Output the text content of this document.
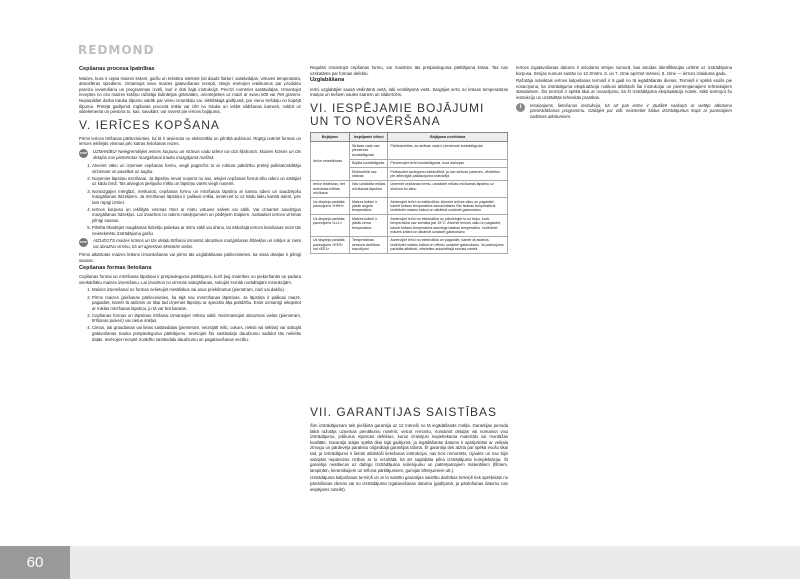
REDMOND
Cepšanas procesa īpatnības

Maizes, kura ir cepta maizes krāsnī, garšu un tekstūru ietekmē ļoti daudz faktori: sastāvdaļas, virtuves temperatūra, atmosfēras spiediens. Izmantojot savu maizes gatavošanas recepti, stingri ievērojiet ieteikumus par produktu pareizu ievietošanu un programmas izvēli, kuri ir doti šajā instrukcijā. Precīzi nomēriet sastāvdaļas. Izmantojot receptes no citu maizes krāšņu ražotāju kulinārijas grāmatām, orientējieties uz maizi ar svaru 500 vai 750 grammi. Nepiepildiet darba trauka tilpumu vairāk par vienu ceturtdaļu vai, slēkšākajā gadījumā, par vienu trešdaļu no kopējā tilpuma. Pretējā gadījumā rūgšanas procesā mīkla var izlīt no trauka un iekļūt sildīšanas kamerā, nokļūt uz sildelementa un piesūrot to, kas, savukārt, var novest pie ierīces bojājuma.

V. IERĪCES KOPŠANA

Pirms ierīces tīrīšanas pārliecinieties, ka tā ir atvienota no elektrotīkla un pilnībā atdzisusi. Rūpīgi notīriet formas un ierīces iekšējās virsmas pēc katras lietošanas reizes.

STOP UZMANĪBU! Neiegremdējiet ierīces korpusu un strāvas vadu ūdenī vai citā šķidrumā. Maizes krāsns un tās detaļas nav piemērotas mazgāšanai trauku mazgājamā mašīnā.
1. Atveriet vāku un izņemiet cepšanas formu, viegli pagriežot to ar roktura palīdzību pretēji pulksteņrādītāju virzienam un pavelkot uz augšu.
2. Noņemiet lāpstiņu mīcīšanai. Ja lāpstiņu nevar noņemt no ass, ielejiet cepšanas formā siltu ūdeni un atstājiet uz kādu brīdi. Tas atvieglos pielipušo mīklu un lāpstiņu varēs viegli noņemt.
3. Nomazgājiet mērglāzi, mērkaroti, cepšanas formu un mīcīšanas lāpstiņu ar karstu ūdeni un saudzējošu mazgāšanas līdzekļiem. Ja mīcīšanas lāpstiņa ir palikusi mīkla, iemērciet to uz kādu laiku karstā ūdenī, pēc tam rūpīgi iztīriet.
4. Ierīces korpusu un iekšējās virsmas tīriet ar mitru virtuves salveti vai sūkli. Var izmantot saudzīgus mazgāšanas līdzekļus. Lai izvairītos no ūdens noteiļojumiem un pēdējiem traipiem, noslaukiet ierīces virsmas pilnīgi sausas.
5. Pilnībā tīkvidējiet magdāmas līdzekļu paliekas ar mitru sūkli vai drānu, lai nākošajā ierīces lietošanas reizē tās neietekmētu izstrādājuma garšu.
STOP AIZLIEGTS maizes krāsns un tās detaļu tīrīšanai izmantot abrazīvus mazgāšanas līdzekļus un sūkļus ar cietu vai abrazīvu virsmu, kā arī agresīvas ķīmiskās vielas.

Pirms atkārtotas maizes krāsns izmantošanas vai pirms tās uzglabāšanas pārliecinieties, ka visas detaļas ir pilnīgi sausas.

Cepšanas formas lietošana

Cepšanas formai un mīcīšanas lāpstiņai ir pretpiedeguma pārklājums, kurš ļauj izvairīties no pieķeršanās un padara vienkāršāku maizes izņemšanu. Lai izvairītos no virsmas sabojāšanas, sekojiet zemāk norādītajām instrukcijām.

1. Maizes izņemšanai no formas nelietojiet metāliskus vai asus priekšmetus (piemēram, nazi vai dakšu).
2. Pirms maizes griešanas pārliecinieties, ka tajā nav mmīcīšanas lāpstiņas. Ja lāpstiņa ir palikusi maizē, pagaidiet, kamēr tā atdzisīs un tikai tad izņemiet lāpstiņu ar speciālo āķa palīdzību. Esiet uzmanīgi iekūpstot ar miklas mīcīšanas lāpstiņu, jo tā var būt karstas.
3. Cepšanas formas un lāpstiņas tīrīšanai izmantojiet mīkstu sūkli. Neizmantojiet abrazīvas vielas (piemēram, tīrīšanas pulveri) vai cietus sūkļus.
4. Cietus, ļoti graudainas vai lielas sastāvdaļas (piemēram, neizsijātī milti, cukurs, rieksti vai sēklas) var sabojāt gatavošanas trauka pretpiedeguma pārklājumu. Ievērojiet šīs sastāvdaļu daudzumu sadalot tās nelielās daļās. Ievērojiet receptē norādīto sastāvdaļu daudzumu un pagatavošanas secību.

Regulāri izmantojot cepšanas formu, var mainīties tās pretpiedeguma pārklājuma krāsa. Tas nav uzskatāms par formas defektu.

Uzglabāšana

Ierīci uzglabājiet sausā vēdināmā vietā, labi ventilējamā vietā. Sargājiet ierīci no krasas temperatūras maiņas un tiešiem saules stariem un sildierīcēm.

VI. IESPĒJAMIE BOJĀJUMI UN TO NOVĒRŠANA
Bojājums	Iespējamie cēloņi	Bojājuma novēršana
Ierīce neieslēdzas	Strāvas vads nav pievienots kontaktligzdai	Pārliecinieties, ka strāvas vads ir pievienots kontaktligzdai
	Bojāta kontaktligzda	Pievienojiet ierīci kontaktligzdai, kura darbojas
	Elektrotīklā nav strāvas	Parbaudiet spriegumu elektrotīklā, ja nav strāvas padeves, vērsieties pie attiecīgās pakalpojuma sniedzēja
Ierīce ieslēdzas, bet neizdotas mīklas mīcīšana	Nav uzstādīta mīklas mīcīšanas lāpstiņa	Izņemiet cepšanas formu, uzstādiet mīklas mīcīšanas lāpstiņu uz skrūves šo sānu
Uz displeja parādās paziņojums «HHH»	Maizes krāsnī ir pārāk augsta temperatūra	Atvienojiet ierīci no elektrotīkla. Atveriet ierīces vāku un pagaidiet, kamēr krāsns temperatūra samazināsies līdz istabas temperatūrai. Ieslēdziet maizes krāsni un atkārtoti uzsāciet gatavošanu
Uz displeja parādās paziņojums «LLL»	Maizes krāsnī ir pārāk zema temperatūra	Atvienojiet ierīci no elektrotīkla un pārvietojiet to uz telpu, kurā temperatūra nav zemāka par 15°C. Atveriet ierīces vāku un pagaidiet, kamēr krāsns temperatūra sasniegs istabas temperatūru. Ieslēdziet maizes krāsni un atkārtoti uzsāciet gatavošanu
Uz displeja parādās paziņojums «EE0» vai «EE1»	Temperatūras sensora darbības traucējumi	Atvienojiet ierīci no elektrotīkla un pagaidiet, kamēr tā atdzisīs. Ieslēdziet maizes krāsni un vēlreiz uzsāciet gatavošanu. Ja paziņojums parādās atkārtoti, vērsieties autorizētajā servisa centrā
VII. GARANTIJAS SAISTĪBAS

Šim izstrādājumam tiek piešķirta garantija uz 12 mēneši no tā iegādāšanās mirkļa. Garantijas perioda laikā ražotājs uzņemas pienākumu novērst, veicot remontu, nomainot detaļas vai nomainot visu izstrādājumu, jebkurus rūpnīcas defektus, kurus izraisījusi nepietiekama materiālu vai montāžas kvalitāte. Garantija stājas spēkā tikai tajā gadījumā, ja iegādāšanās datums ir apstiprināts ar veikala zīmogu un pārdevēja parakstu oriģinālajā garantijas talonā. Šī garantija tiek atzīta par spēkā esošu tikai tad, ja izstrādājums ir lietots atbilstoši lietošanas instrukcijai, nav ticis remontēts, izjaukts un nav bijis sabojāts nepareizas rīcības ar to rezultātā, kā arī saglabāta pilna izstrādājuma komplektācija. Šī garantija neattiecas uz dabīgu izstrādājuma nolietojumu un patērējamajiem materiāliem (filtriem, lampiņām, keramikajiem un teflona pārklājumiem, gumijas blīvējumiem utt.).

Izstrādājuma kalpošanas termiņš un ar to saistīto garantijas saistību darbības termiņš tiek aprēķināts no pārdošanas dienas vai no izstrādājuma izgatavošanas datuma (gadījumā, ja pārdošanas datumu nav iespējams noteikt).

Ierīces izgatavošanas datums ir atrodams sērijas numurā, kas atrodas identifikācijas uzlīmē uz izstrādājuma korpusa. Sērijas numurs sastāv no 13 zīmēm. 6. un 7. zīme apzīmē mēnesi, 8. zīme — ierīces izlaiduma gadu.

Ražotāja noteiktais ierīces kalpošanas termiņš ir 5 gadi no tā iegādāšanās dienas. Termiņš ir spēkā esošs pie nosacījuma, ka izstrādājuma ekspluatācija notikusi atbilstoši šai instrukcijai un piemērojamajiem tehniskajiem standartiem. Šis termiņš ir spēkā tikai ar nosacījumu, ka šī izstrādājuma ekspluatācija notiek, stikti ievērojot šo instrukciju un uzstādītās tehniskās prasības.

i	Iesaiņojums, lietošanas instrukcija, kā arī pati ierīce ir jāutilizē saskaņā ar vietējo atkritumu pārstrādāšanas programmu. Gādājiet par vidi: neizmetiet šādus izstrādājumus kopā ar parastajiem sadzīves atkritumiem.
60
